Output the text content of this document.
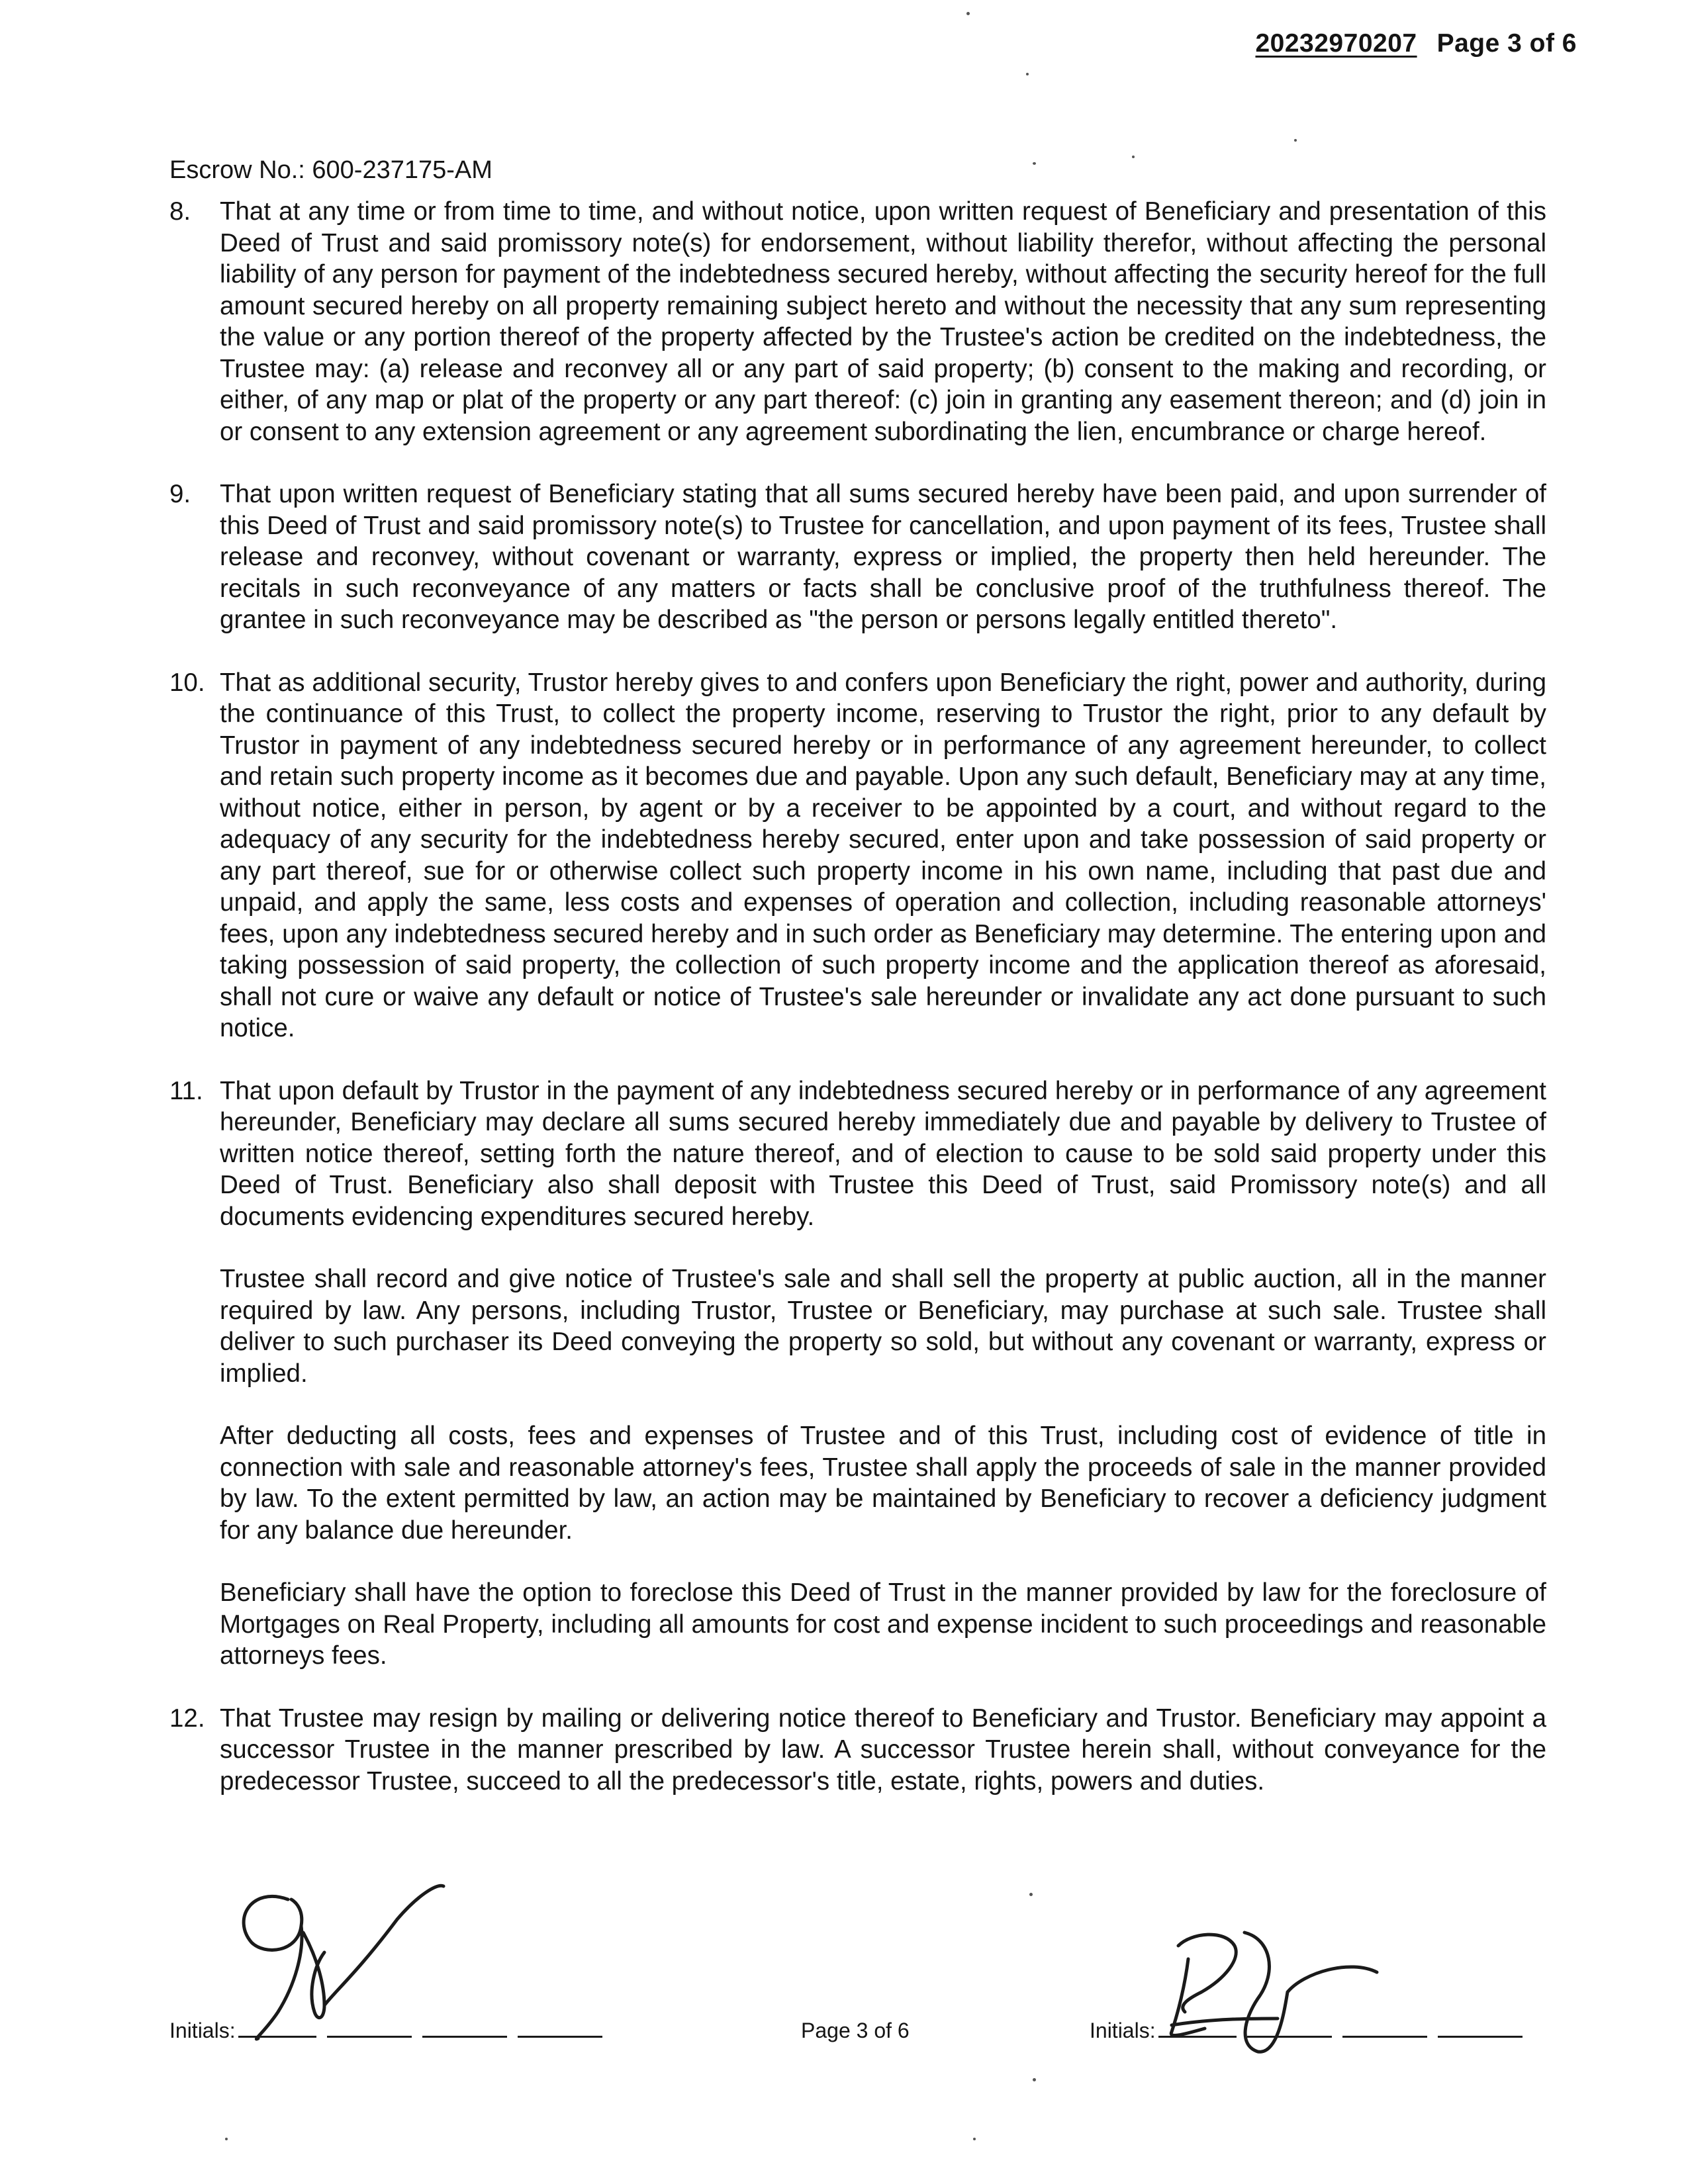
20232970207 Page 3 of 6
Escrow No.: 600-237175-AM
8. That at any time or from time to time, and without notice, upon written request of Beneficiary and presentation of this Deed of Trust and said promissory note(s) for endorsement, without liability therefor, without affecting the personal liability of any person for payment of the indebtedness secured hereby, without affecting the security hereof for the full amount secured hereby on all property remaining subject hereto and without the necessity that any sum representing the value or any portion thereof of the property affected by the Trustee's action be credited on the indebtedness, the Trustee may: (a) release and reconvey all or any part of said property; (b) consent to the making and recording, or either, of any map or plat of the property or any part thereof: (c) join in granting any easement thereon; and (d) join in or consent to any extension agreement or any agreement subordinating the lien, encumbrance or charge hereof.
9. That upon written request of Beneficiary stating that all sums secured hereby have been paid, and upon surrender of this Deed of Trust and said promissory note(s) to Trustee for cancellation, and upon payment of its fees, Trustee shall release and reconvey, without covenant or warranty, express or implied, the property then held hereunder. The recitals in such reconveyance of any matters or facts shall be conclusive proof of the truthfulness thereof. The grantee in such reconveyance may be described as "the person or persons legally entitled thereto".
10. That as additional security, Trustor hereby gives to and confers upon Beneficiary the right, power and authority, during the continuance of this Trust, to collect the property income, reserving to Trustor the right, prior to any default by Trustor in payment of any indebtedness secured hereby or in performance of any agreement hereunder, to collect and retain such property income as it becomes due and payable. Upon any such default, Beneficiary may at any time, without notice, either in person, by agent or by a receiver to be appointed by a court, and without regard to the adequacy of any security for the indebtedness hereby secured, enter upon and take possession of said property or any part thereof, sue for or otherwise collect such property income in his own name, including that past due and unpaid, and apply the same, less costs and expenses of operation and collection, including reasonable attorneys' fees, upon any indebtedness secured hereby and in such order as Beneficiary may determine. The entering upon and taking possession of said property, the collection of such property income and the application thereof as aforesaid, shall not cure or waive any default or notice of Trustee's sale hereunder or invalidate any act done pursuant to such notice.
11. That upon default by Trustor in the payment of any indebtedness secured hereby or in performance of any agreement hereunder, Beneficiary may declare all sums secured hereby immediately due and payable by delivery to Trustee of written notice thereof, setting forth the nature thereof, and of election to cause to be sold said property under this Deed of Trust. Beneficiary also shall deposit with Trustee this Deed of Trust, said Promissory note(s) and all documents evidencing expenditures secured hereby.
Trustee shall record and give notice of Trustee's sale and shall sell the property at public auction, all in the manner required by law. Any persons, including Trustor, Trustee or Beneficiary, may purchase at such sale. Trustee shall deliver to such purchaser its Deed conveying the property so sold, but without any covenant or warranty, express or implied.
After deducting all costs, fees and expenses of Trustee and of this Trust, including cost of evidence of title in connection with sale and reasonable attorney's fees, Trustee shall apply the proceeds of sale in the manner provided by law. To the extent permitted by law, an action may be maintained by Beneficiary to recover a deficiency judgment for any balance due hereunder.
Beneficiary shall have the option to foreclose this Deed of Trust in the manner provided by law for the foreclosure of Mortgages on Real Property, including all amounts for cost and expense incident to such proceedings and reasonable attorneys fees.
12. That Trustee may resign by mailing or delivering notice thereof to Beneficiary and Trustor. Beneficiary may appoint a successor Trustee in the manner prescribed by law. A successor Trustee herein shall, without conveyance for the predecessor Trustee, succeed to all the predecessor's title, estate, rights, powers and duties.
Initials:	Page 3 of 6	Initials:
